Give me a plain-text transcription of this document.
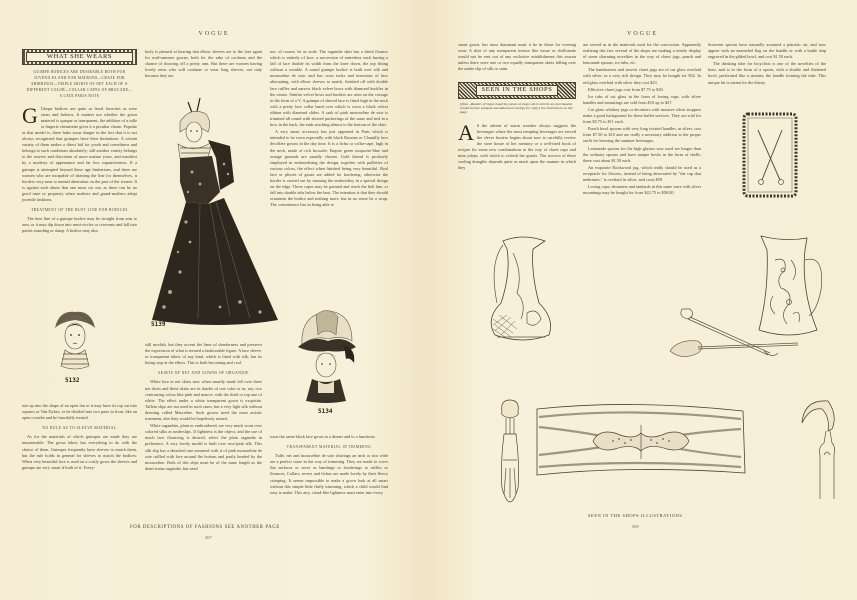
VOGUE
WHAT SHE WEARS
GUIMPE BODICES ARE DESIRABLE BOTH FOR JUVENILES AND FOR MATRONS—CRAZE FOR SHIRRINGS—TRIPLE SKIRTS OF NET EACH OF A DIFFERENT COLOR—COLLAR CAPES OF BROCADE—A LATE PARIS NOTE

G Uimpe bodices are quite as fixed favorites as were etons and boleros. It matters not whether the gown material is opaque or transparent, the addition of a tulle or lingerie chemisette gives it a peculiar charm. Popular as that model is, there lurks some danger in the fact that it is not always recognized that guimpes have their limitations. A certain variety of them makes a direct bid for youth and comeliness and belongs to such conditions absolutely; still another variety belongs to the reserve and discretion of more mature years, and manifest by a modesty of appearance and far less expansiveness. If a guimpe is attempted beyond these age limitations, and there are women who are incapable of drawing the line for themselves, it borders very near to mental aberration on the part of the wearer. It is against such abuse that one must cry out, as there can be no good taste or propriety when mothers and grand-mothers adopt juvenile fashions.

TREATMENT OF THE BUST LINE FOR BODICES

The bust line of a guimpe bodice may be straight from arm to arm, or it may dip down into semi-circles or crescents and fall into points rounding or sharp. A bodice may also

5132

rise up into the shape of an open fan or it may have its top cut into squares or Van Dykes, or be divided into two parts in front, like an open corselet and be fancifully treated.

NO RULE AS TO SLEEVE MATERIAL

As for the materials of which guimpes are made they are innumerable. The gown fabric has everything to do with the choice of them. Guimpes frequently have sleeves to match them, but the rule holds in general for sleeves to match the bodices. When very beautiful lace is used on a costly gown the sleeves and guimpe are very smart if built of it. Every-

body is pleased at hearing that elbow sleeves are to the fore again for mid-summer gowns, both for the sake of coolness and the chance of showing off a pretty arm. But there are women having lovely arms who will continue to wear long sleeves, not only because they are

5139

still modish, but they accent the lines of slenderness and preserve the expression of what is termed a fashionable figure. A lace sleeve, or transparent fabric of any kind, which is lined with silk, has its lining stop at the elbow. This is both becoming and cool.

SKIRTS OF NET AND GOWNS OF ORGANDIE

White lace or net skirts now when smartly made fall over three net skirts and these skirts are in shades of one color or in, say, two contrasting colors like pink and mauve, with the third or top one of white. The effect under a white transparent gown is exquisite. Taffeta slips are not used in such cases, but a very light silk without dressing called Marceline. Such gowns need the most artistic treatment, else they would be hopelessly ruined.

White organdies, plain or embroidered, are very much worn over colored silks as underslips. If lightness is the object, and the use of much lace flouncing is desired, select the plain organdie in preference. A very lovely model is built over rose-pink silk. This silk slip has a detached one mounted with it of pink mousseline de soie ruffled with lace around the bottom and partly headed by the mousseline. Both of this slips must be of the same length as the demi-traine organdie, but need

not, of course, be as wide. The organdie skirt has a fitted flounce which is entirely of lace, a succession of entredeux each having a fall of lace double its width from the knee down, the top fitting without a wrinkle. A round guimpe bodice is built over silk and mousseline de soie, and has cross tucks and insertions of lace alternating, with elbow sleeves to match, finished off with double lace ruffles and narrow black velvet bows with diamond buckles in the centre. Similar velvet bows and buckles are seen on the corsage in the form of a V. A guimpe of shirred lace is fitted high in the neck with a pretty lace collar band over which is worn a black velvet ribbon with diamond slides. A sash of pink mousseline de soie is trimmed all round with shirred puckerings of the same and tied in a bow in the back, the ends reaching almost to the bottom of the skirt.

A very smart accessory has just appeared in Paris which is intended to be worn especially with black Russian or Chantilly lace decollete gowns in the day time. It is a fichu or collar-cape, high in the neck, made of rich brocade; Empire green turquoise-blue and orange grounds are usually chosen. Gold thread is profusely employed in embroidering the design, together with paillettes of various colors, the effect when finished being very beautiful. Real lace or plissés of gauze are added for bordering, otherwise the border is carried out by massing the embroidery in a special design on the edge. These capes may be pointed and reach the belt line, or fall into double tabs below the bust. The intention is that they should ornament the bodice and nothing more, but in no sense be a wrap. The convenience lies in being able to

5134

wear the same black lace gown to a dinner and to a luncheon.

TRANSPARENT MATERIAL IN TRIMMING

Tulle, net and mousseline de soie shirrings an inch or two wide are a perfect craze in the way of trimming. They are made to cover flat surfaces or serve as bandings or borderings to ruffles or flounces. Collars, revers and fichus are made lovely by their fleecy crimping. It seems impossible to make a gown look at all smart without this simple little fluffy trimming, which a child would find easy to make. This airy, cloud-like lightness must enter into every

FOR DESCRIPTIONS OF FASHIONS SEE ANOTHER PAGE
567
VOGUE

smart gown, but most dominant must it be in those for evening wear. A skirt of any transparent texture like tissue or chiffonette would not be sent out of any exclusive establishment this season unless there were one or two equally transparent skirts falling over the under slip of silk or satin.

SEEN IN THE SHOPS
[Note—Readers of Vogue inquiring names of shops where articles are purchasable should enclose stamped and addressed envelope for reply.] See illustrations on this page.

A S the advent of warm weather always suggests the beverages where the most tempting beverages are served the clever hostess begins about now to carefully review the store house of her memory or a well-tried book of recipes for some new combinations in the way of claret cups and mint juleps, with which to refresh her guests. The success of these cooling draughts depends quite as much upon the manner in which they

are served as in the materials used for the concoction. Apparently realizing this fact several of the shops are making a timely display of some charming novelties in the way of claret jugs, punch and lemonade spoons, ice tubs, etc.

The handsomest and newest claret jugs are of cut glass overlaid with silver, in a very rich design. They may be bought for $32. In red glass overlaid with silver they cost $23.

Effective claret jugs cost from $7.75 to $30.

Ice tubs of cut glass in the form of loving cups, with silver handles and mountings are sold from $10 up to $27.

Cut glass whiskey jugs or decanters with massive silver stoppers make a good background for these buffet services. They are sold for from $5.75 to $11 each.

Punch bowl spoons with very long twisted handles, in silver, cost from $7.50 to $10 and are really a necessary addition to the proper outfit for brewing the summer beverages.

Lemonade spoons for the high glasses now used are longer than the ordinary spoons and have unique bowls in the form of shells; these cost about $1.50 each.

An exquisite Rookwood jug, which really should be used as a receptacle for flowers, instead of being desecrated by "the cup that inebriates," is overlaid in silver, and costs $58.

Loving cups, decanters and tankards in this same ware with silver mountings may be bought for from $22.75 to $58.00.

Souvenir spoons have naturally assumed a patriotic air, and now appear with an enameled flag on the handle or with a battle ship engraved in the gilded bowl, and cost $1.50 each.

The drinking tube for bicyclists is one of the novelties of the hour, and is in the form of a spoon, with a double and flattened bowl, perforated like a strainer, the handle forming the tube. This unique bit is meant for the thirsty

SEEN IN THE SHOPS ILLUSTRATIONS
569
